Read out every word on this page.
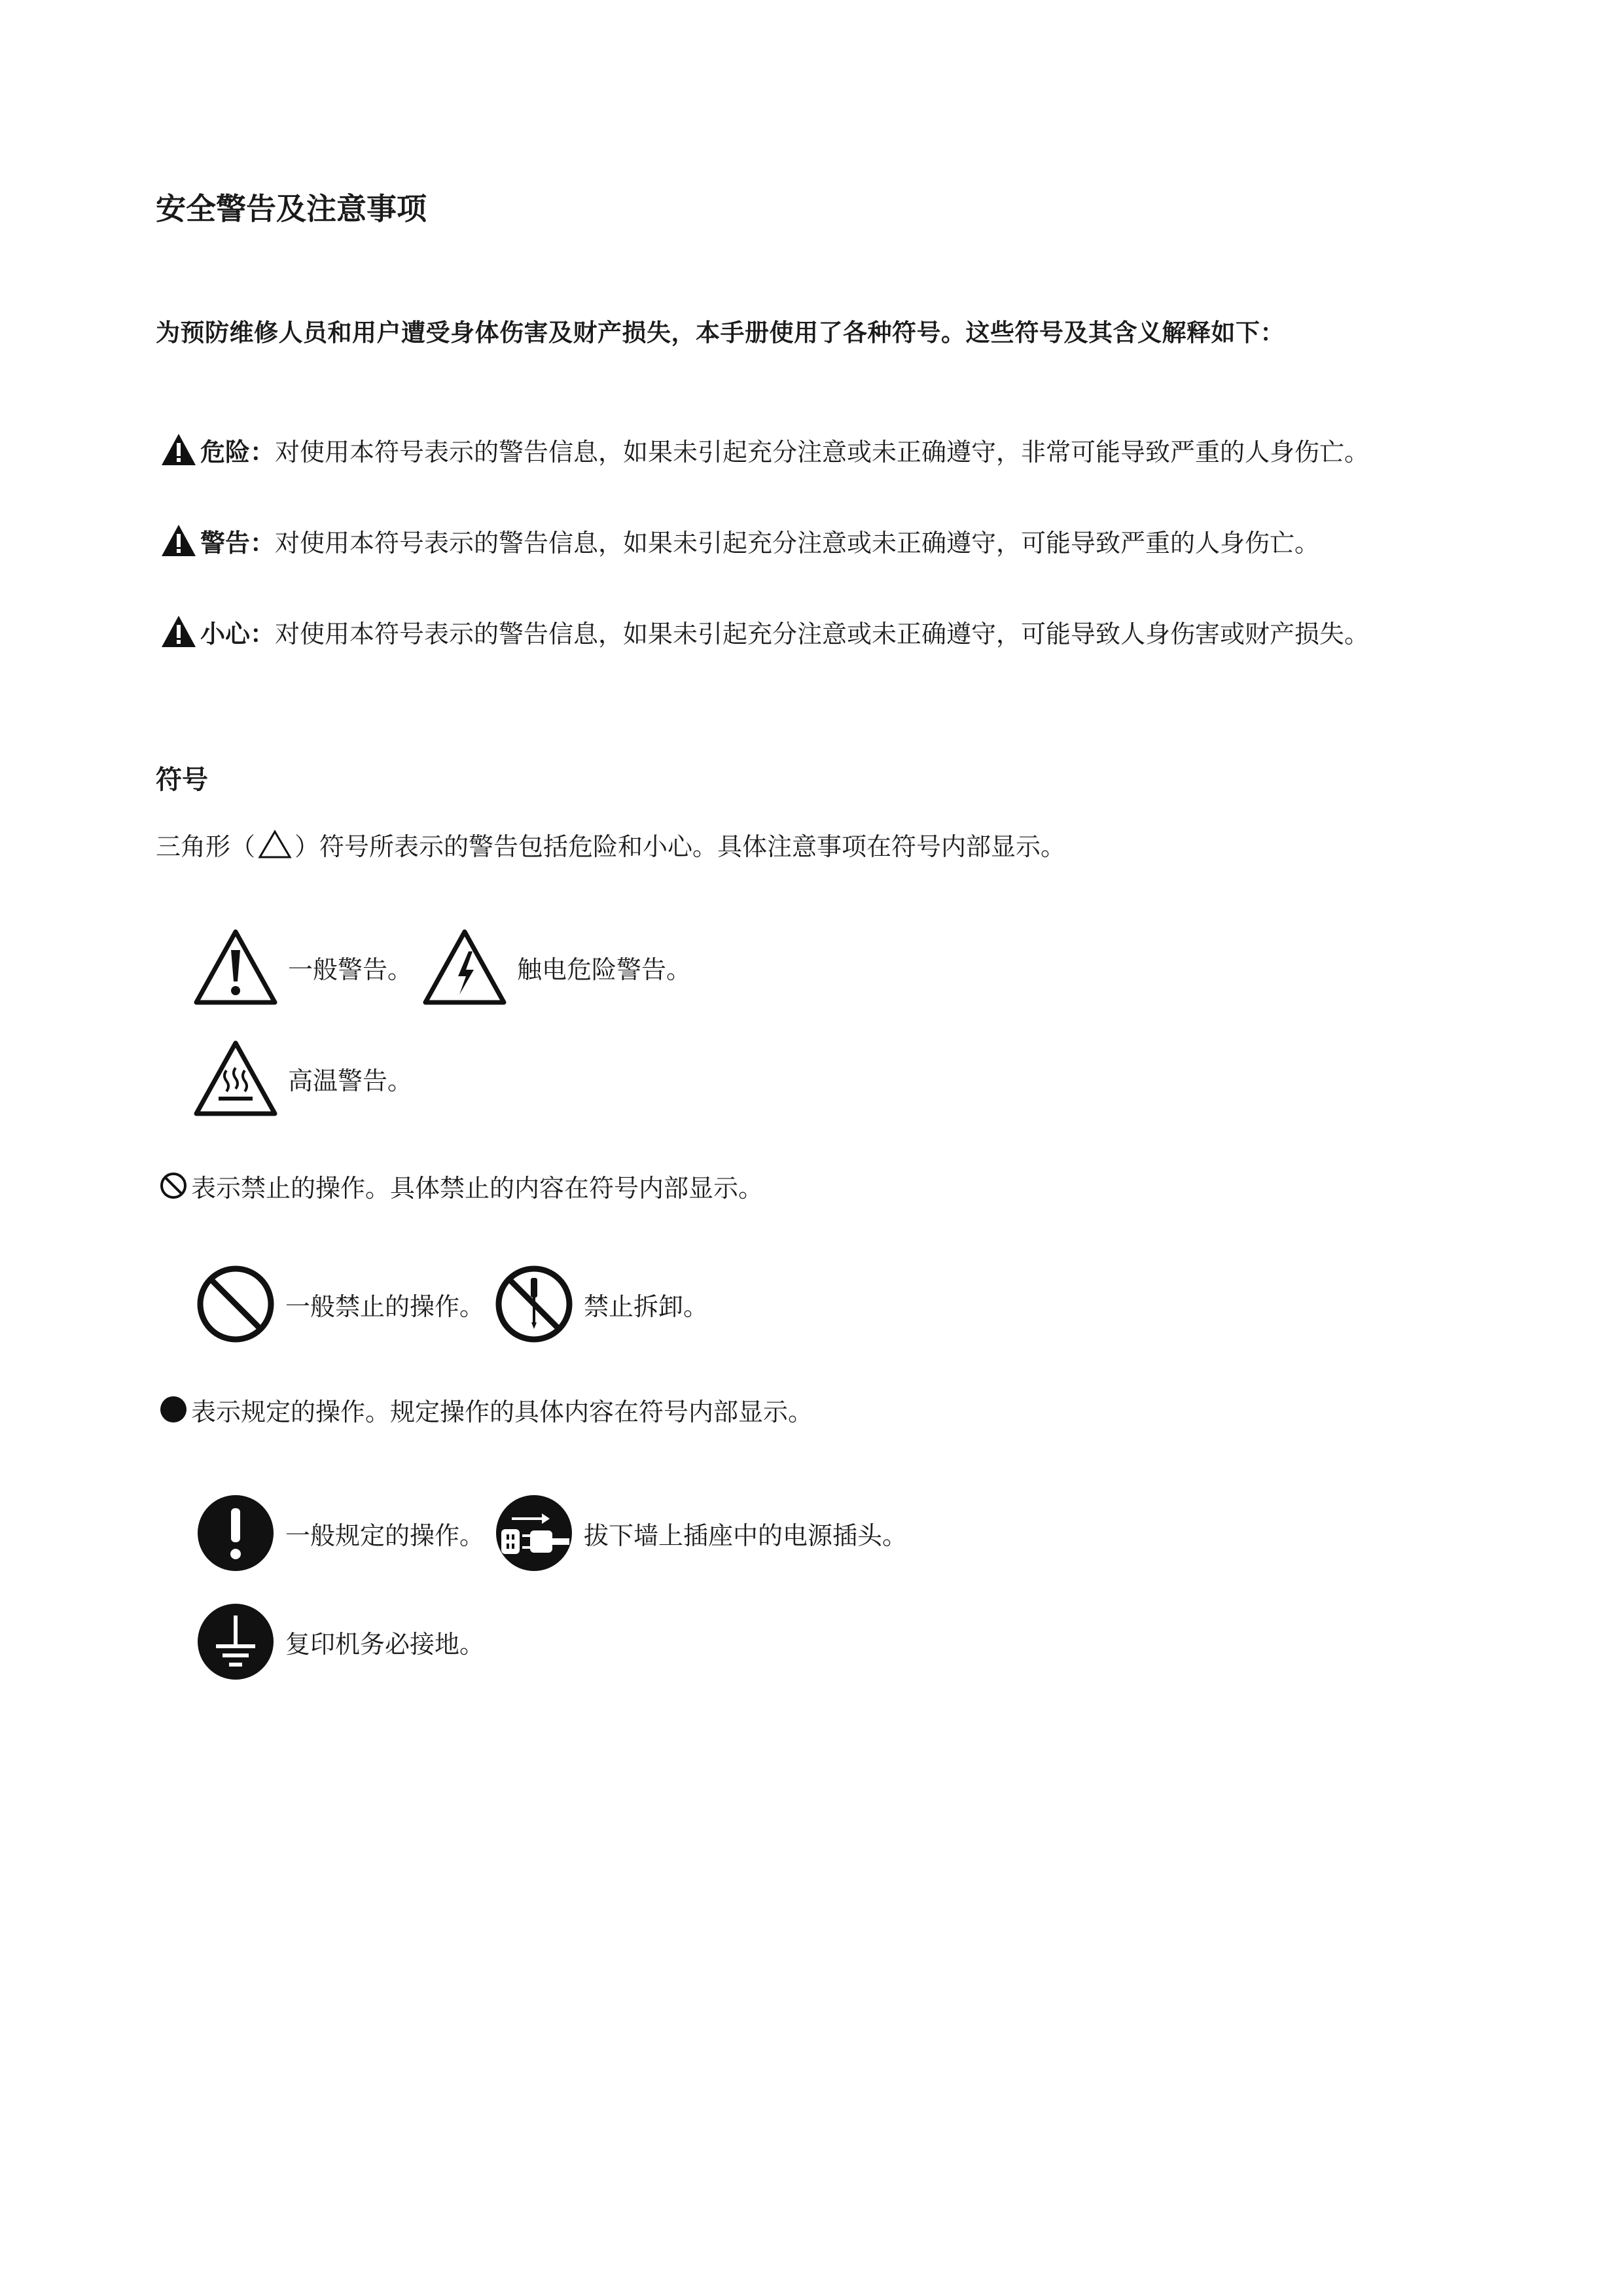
安全警告及注意事项
为预防维修人员和用户遭受身体伤害及财产损失，本手册使用了各种符号。这些符号及其含义解释如下：
危险： 对使用本符号表示的警告信息，如果未引起充分注意或未正确遵守，非常可能导致严重的人身伤亡。
警告： 对使用本符号表示的警告信息，如果未引起充分注意或未正确遵守，可能导致严重的人身伤亡。
小心： 对使用本符号表示的警告信息，如果未引起充分注意或未正确遵守，可能导致人身伤害或财产损失。
符号
三角形（ ）符号所表示的警告包括危险和小心。具体注意事项在符号内部显示。
一般警告。	触电危险警告。
高温警告。
表示禁止的操作。具体禁止的内容在符号内部显示。
一般禁止的操作。	禁止拆卸。
表示规定的操作。规定操作的具体内容在符号内部显示。
一般规定的操作。	拔下墙上插座中的电源插头。
复印机务必接地。
